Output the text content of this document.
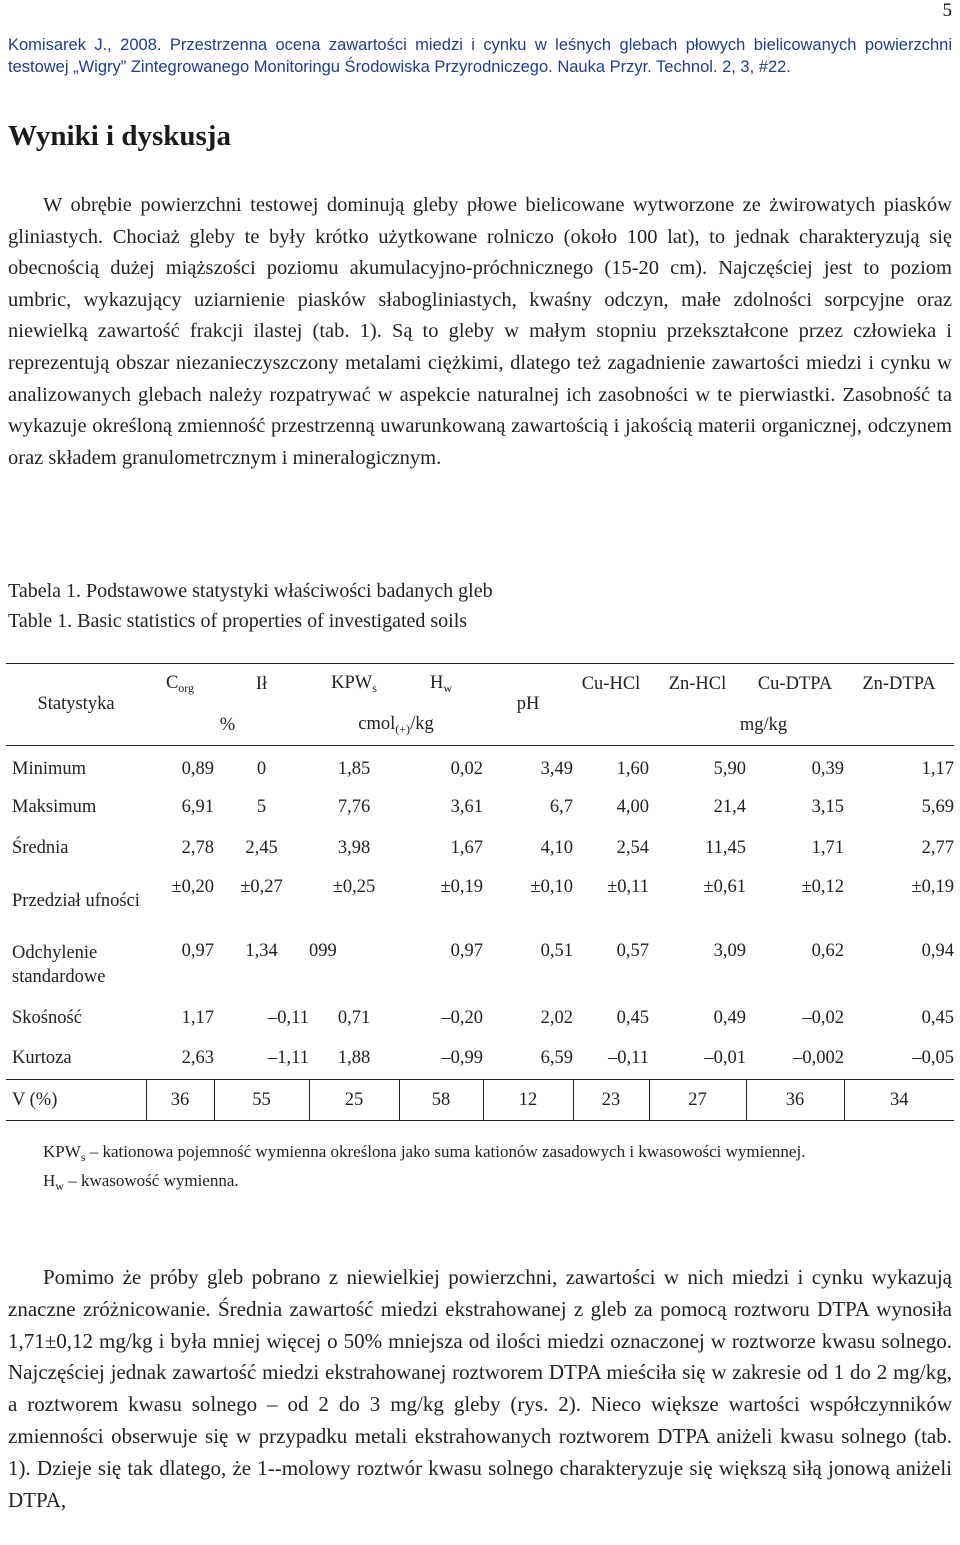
5
Komisarek J., 2008. Przestrzenna ocena zawartości miedzi i cynku w leśnych glebach płowych bielicowanych powierzchni testowej „Wigry” Zintegrowanego Monitoringu Środowiska Przyrodniczego. Nauka Przyr. Technol. 2, 3, #22.
Wyniki i dyskusja
W obrębie powierzchni testowej dominują gleby płowe bielicowane wytworzone ze żwirowatych piasków gliniastych. Chociaż gleby te były krótko użytkowane rolniczo (około 100 lat), to jednak charakteryzują się obecnością dużej miąższości poziomu akumulacyjno-próchnicznego (15-20 cm). Najczęściej jest to poziom umbric, wykazujący uziarnienie piasków słabogliniastych, kwaśny odczyn, małe zdolności sorpcyjne oraz niewielką zawartość frakcji ilastej (tab. 1). Są to gleby w małym stopniu przekształcone przez człowieka i reprezentują obszar niezanieczyszczony metalami ciężkimi, dlatego też zagadnienie zawartości miedzi i cynku w analizowanych glebach należy rozpatrywać w aspekcie naturalnej ich zasobności w te pierwiastki. Zasobność ta wykazuje określoną zmienność przestrzenną uwarunkowaną zawartością i jakością materii organicznej, odczynem oraz składem granulometrcznym i mineralogicznym.
Tabela 1. Podstawowe statystyki właściwości badanych gleb
Table 1. Basic statistics of properties of investigated soils
Statystyka	$C_{org}$	Ił	$KPW_s$	$H_w$	pH	Cu-HCl	Zn-HCl	Cu-DTPA	Zn-DTPA
	%		cmol$_{(+)}$/kg			mg/kg			
Minimum	0,89	0	1,85	0,02	3,49	1,60	5,90	0,39	1,17
Maksimum	6,91	5	7,76	3,61	6,7	4,00	21,4	3,15	5,69
Średnia	2,78	2,45	3,98	1,67	4,10	2,54	11,45	1,71	2,77
Przedział ufności	±0,20	±0,27	±0,25	±0,19	±0,10	±0,11	±0,61	±0,12	±0,19
Odchylenie standardowe	0,97	1,34	099	0,97	0,51	0,57	3,09	0,62	0,94
Skośność	1,17	–0,11	0,71	–0,20	2,02	0,45	0,49	–0,02	0,45
Kurtoza	2,63	–1,11	1,88	–0,99	6,59	–0,11	–0,01	–0,002	–0,05
V (%)	36	55	25	58	12	23	27	36	34

$KPW_s$ – kationowa pojemność wymienna określona jako suma kationów zasadowych i kwasowości wymiennej.

$H_w$ – kwasowość wymienna.

Pomimo że próby gleb pobrano z niewielkiej powierzchni, zawartości w nich miedzi i cynku wykazują znaczne zróżnicowanie. Średnia zawartość miedzi ekstrahowanej z gleb za pomocą roztworu DTPA wynosiła 1,71±0,12 mg/kg i była mniej więcej o 50% mniejsza od ilości miedzi oznaczonej w roztworze kwasu solnego. Najczęściej jednak zawartość miedzi ekstrahowanej roztworem DTPA mieściła się w zakresie od 1 do 2 mg/kg, a roztworem kwasu solnego – od 2 do 3 mg/kg gleby (rys. 2). Nieco większe wartości współczynników zmienności obserwuje się w przypadku metali ekstrahowanych roztworem DTPA aniżeli kwasu solnego (tab. 1). Dzieje się tak dlatego, że 1--molowy roztwór kwasu solnego charakteryzuje się większą siłą jonową aniżeli DTPA,
